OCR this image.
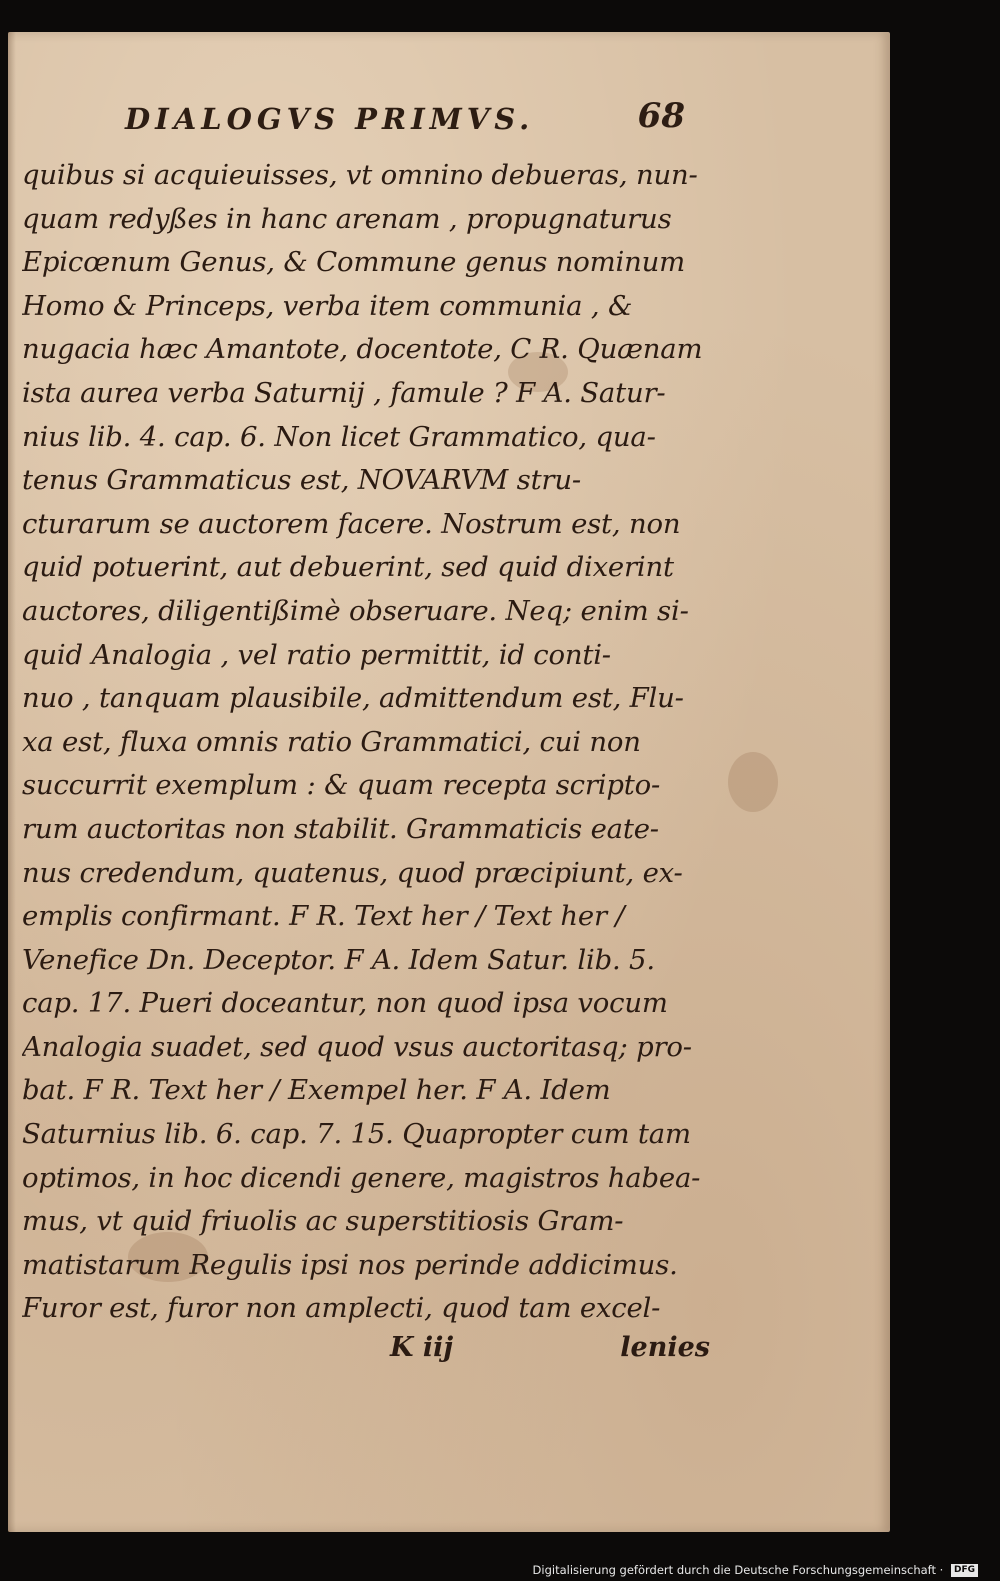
DIALOGVS PRIMVS.	68
quibus si acquieuisses, vt omnino debueras, nun-
quam redyßes in hanc arenam , propugnaturus
Epicœnum Genus, & Commune genus nominum
Homo & Princeps, verba item communia , &
nugacia hæc Amantote, docentote, C R. Quænam
ista aurea verba Saturnij , famule ? F A. Satur-
nius lib. 4. cap. 6. Non licet Grammatico, qua-
tenus Grammaticus est, NOVARVM stru-
cturarum se auctorem facere. Nostrum est, non
quid potuerint, aut debuerint, sed quid dixerint
auctores, diligentißimè obseruare. Neq; enim si-
quid Analogia , vel ratio permittit, id conti-
nuo , tanquam plausibile, admittendum est, Flu-
xa est, fluxa omnis ratio Grammatici, cui non
succurrit exemplum : & quam recepta scripto-
rum auctoritas non stabilit. Grammaticis eate-
nus credendum, quatenus, quod præcipiunt, ex-
emplis confirmant. F R. Text her / Text her /
Venefice Dn. Deceptor. F A. Idem Satur. lib. 5.
cap. 17. Pueri doceantur, non quod ipsa vocum
Analogia suadet, sed quod vsus auctoritasq; pro-
bat. F R. Text her / Exempel her. F A. Idem
Saturnius lib. 6. cap. 7. 15. Quapropter cum tam
optimos, in hoc dicendi genere, magistros habea-
mus, vt quid friuolis ac superstitiosis Gram-
matistarum Regulis ipsi nos perinde addicimus.
Furor est, furor non amplecti, quod tam excel-
K iij	lenies
Digitalisierung gefördert durch die Deutsche Forschungsgemeinschaft · DFG
